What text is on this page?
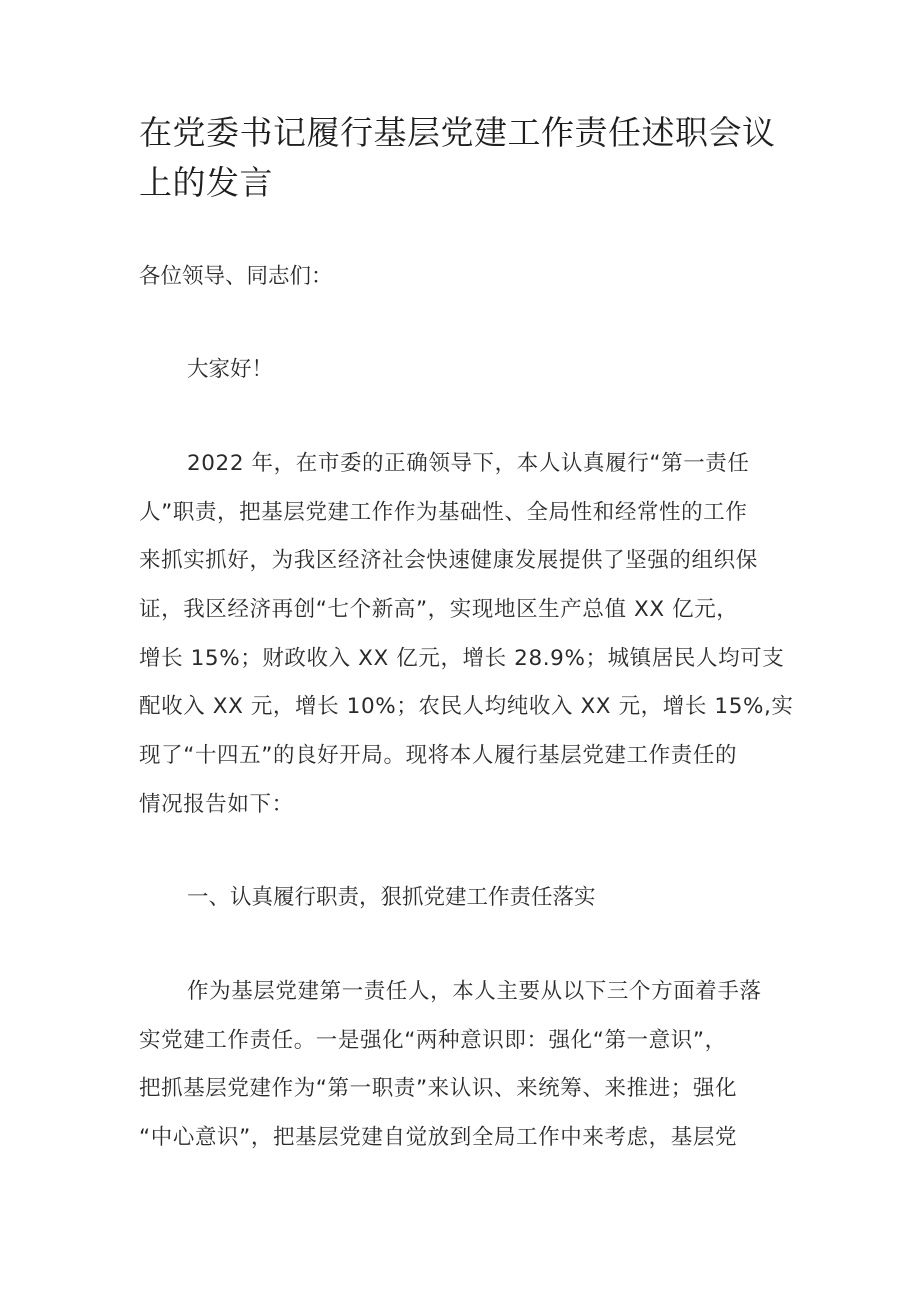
在党委书记履行基层党建工作责任述职会议
上的发言
各位领导、同志们：
大家好！
2022 年，在市委的正确领导下，本人认真履行“第一责任
人”职责，把基层党建工作作为基础性、全局性和经常性的工作
来抓实抓好，为我区经济社会快速健康发展提供了坚强的组织保
证，我区经济再创“七个新高”，实现地区生产总值 XX 亿元，
增长 15%；财政收入 XX 亿元，增长 28.9%；城镇居民人均可支
配收入 XX 元，增长 10%；农民人均纯收入 XX 元，增长 15%,实
现了“十四五”的良好开局。现将本人履行基层党建工作责任的
情况报告如下：
一、认真履行职责，狠抓党建工作责任落实
作为基层党建第一责任人，本人主要从以下三个方面着手落
实党建工作责任。一是强化“两种意识即：强化“第一意识”，
把抓基层党建作为“第一职责”来认识、来统筹、来推进；强化
“中心意识”，把基层党建自觉放到全局工作中来考虑，基层党
